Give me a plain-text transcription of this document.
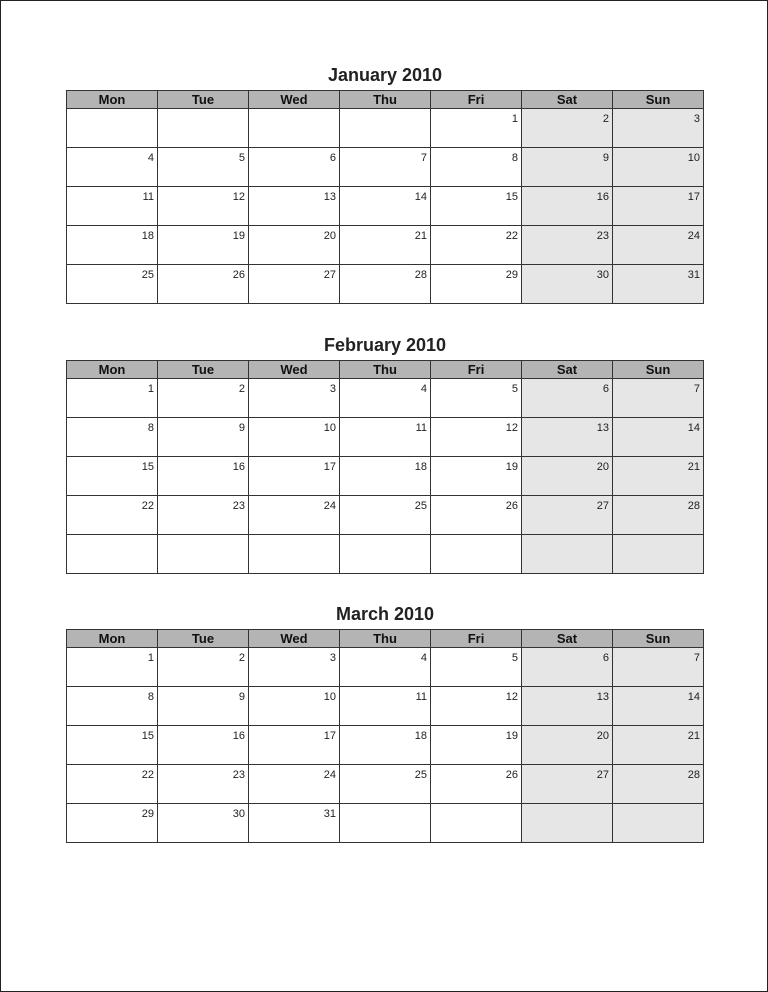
January 2010
Mon	Tue	Wed	Thu	Fri	Sat	Sun

				1	2	3

4	5	6	7	8	9	10

11	12	13	14	15	16	17

18	19	20	21	22	23	24

25	26	27	28	29	30	31
February 2010
Mon	Tue	Wed	Thu	Fri	Sat	Sun

1	2	3	4	5	6	7

8	9	10	11	12	13	14

15	16	17	18	19	20	21

22	23	24	25	26	27	28

March 2010
Mon	Tue	Wed	Thu	Fri	Sat	Sun

1	2	3	4	5	6	7

8	9	10	11	12	13	14

15	16	17	18	19	20	21

22	23	24	25	26	27	28

29	30	31				
